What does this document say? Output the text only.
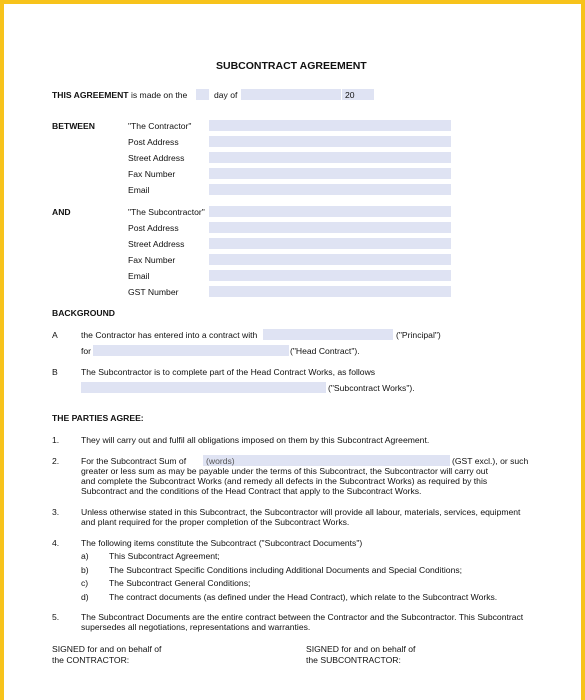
SUBCONTRACT AGREEMENT
THIS AGREEMENT is made on the	day of	20
BETWEEN	"The Contractor"
Post Address
Street Address
Fax Number
Email
AND	"The Subcontractor"
Post Address
Street Address
Fax Number
Email
GST Number
BACKGROUND
A	the Contractor has entered into a contract with	("Principal")
for	("Head Contract").
B	The Subcontractor is to complete part of the Head Contract Works, as follows
("Subcontract Works").
THE PARTIES AGREE:
1.	They will carry out and fulfil all obligations imposed on them by this Subcontract Agreement.
2.	For the Subcontract Sum of (words)	(GST excl.), or such
greater or less sum as may be payable under the terms of this Subcontract, the Subcontractor will carry out
and complete the Subcontract Works (and remedy all defects in the Subcontract Works) as required by this
Subcontract and the conditions of the Head Contract that apply to the Subcontract Works.
3.	Unless otherwise stated in this Subcontract, the Subcontractor will provide all labour, materials, services, equipment
and plant required for the proper completion of the Subcontract Works.
4.	The following items constitute the Subcontract ("Subcontract Documents")
a) This Subcontract Agreement;
b) The Subcontract Specific Conditions including Additional Documents and Special Conditions;
c) The Subcontract General Conditions;
d) The contract documents (as defined under the Head Contract), which relate to the Subcontract Works.
5.	The Subcontract Documents are the entire contract between the Contractor and the Subcontractor. This Subcontract
supersedes all negotiations, representations and warranties.
SIGNED for and on behalf of
the CONTRACTOR:
SIGNED for and on behalf of
the SUBCONTRACTOR:
